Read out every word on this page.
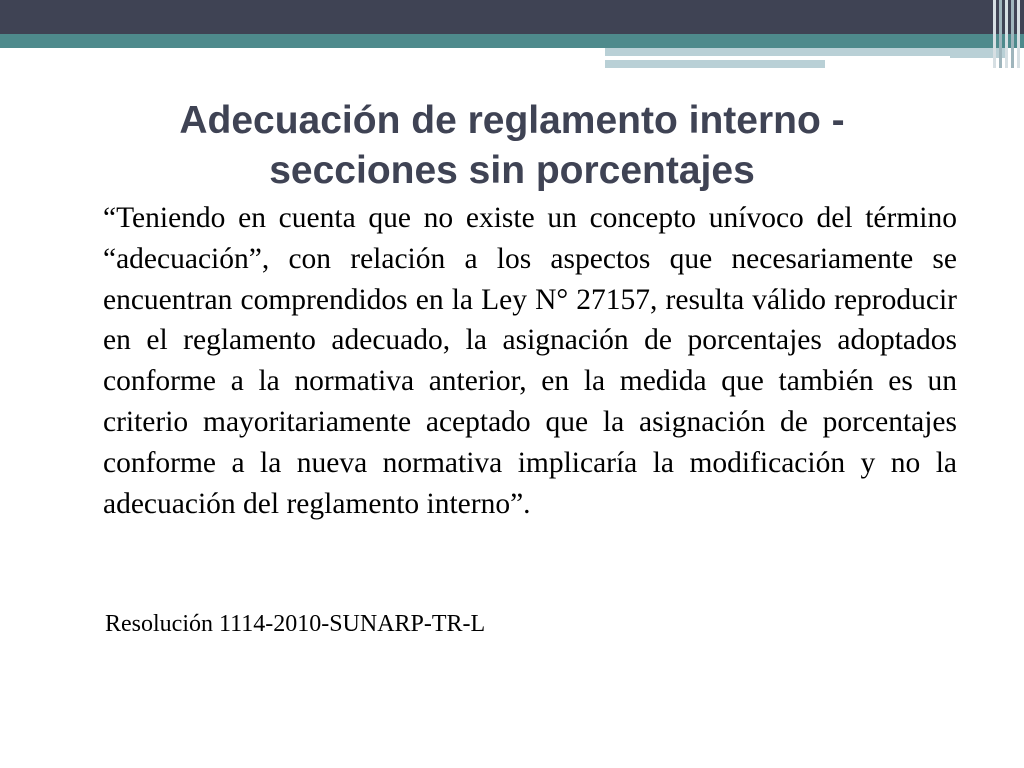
Adecuación de reglamento interno -
secciones sin porcentajes

“Teniendo en cuenta que no existe un concepto unívoco del término “adecuación”, con relación a los aspectos que necesariamente se encuentran comprendidos en la Ley N° 27157, resulta válido reproducir en el reglamento adecuado, la asignación de porcentajes adoptados conforme a la normativa anterior, en la medida que también es un criterio mayoritariamente aceptado que la asignación de porcentajes conforme a la nueva normativa implicaría la modificación y no la adecuación del reglamento interno”.

Resolución 1114-2010-SUNARP-TR-L
